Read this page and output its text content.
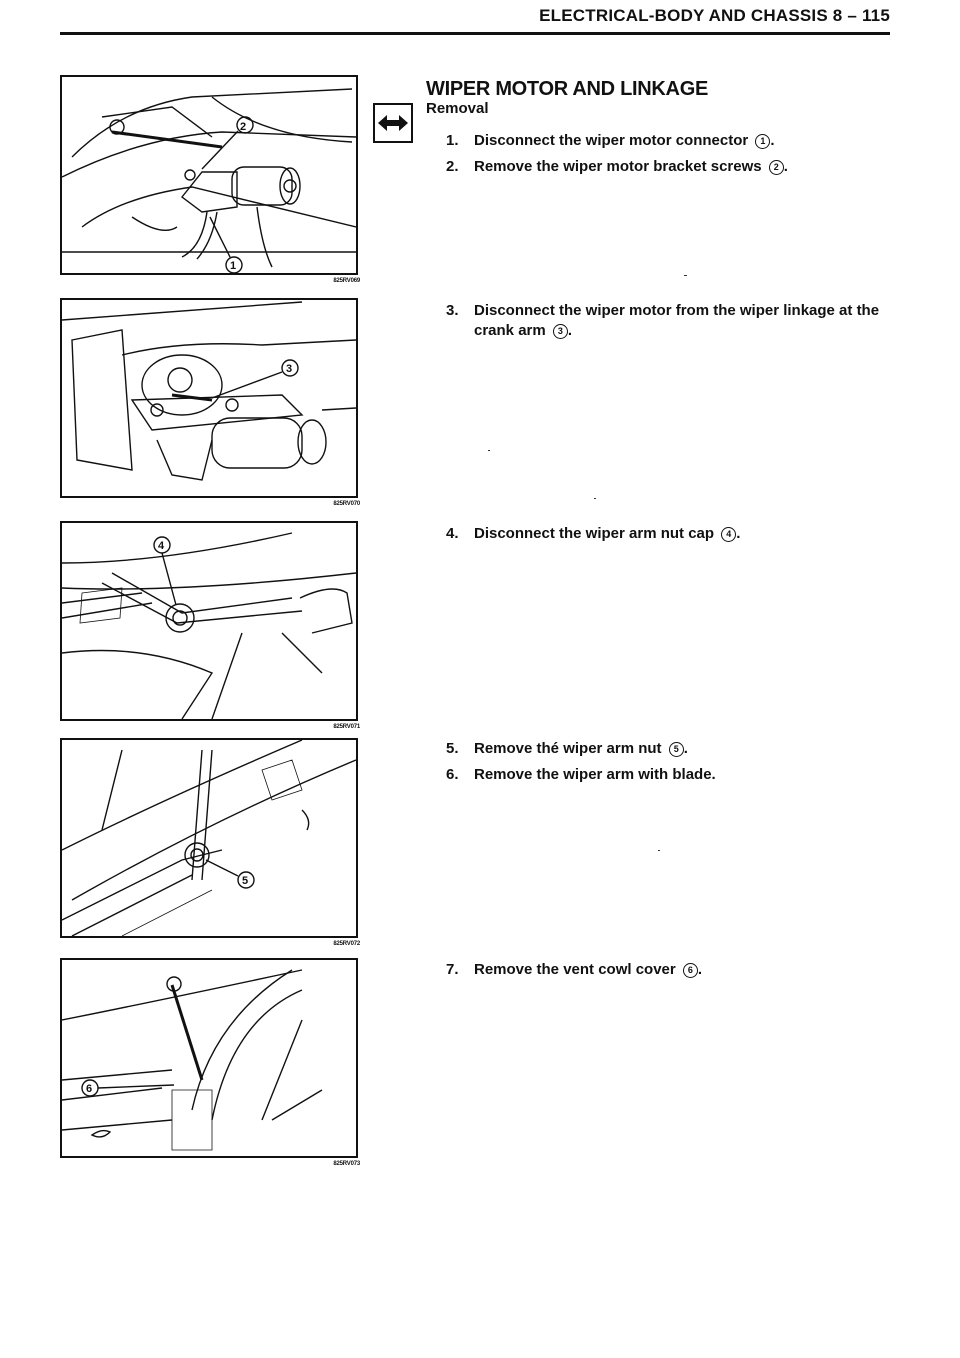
ELECTRICAL-BODY AND CHASSIS 8 – 115
WIPER MOTOR AND LINKAGE
Removal
1.	Disconnect the wiper motor connector 1 .
2.	Remove the wiper motor bracket screws 2 .
3.	Disconnect the wiper motor from the wiper linkage at the crank arm 3 .
4.	Disconnect the wiper arm nut cap 4 .
5.	Remove thé wiper arm nut 5 .
6.	Remove the wiper arm with blade.
7.	Remove the vent cowl cover 6 .
2
1
825RV069
3
825RV070
4
825RV071
5
825RV072
6
825RV073
